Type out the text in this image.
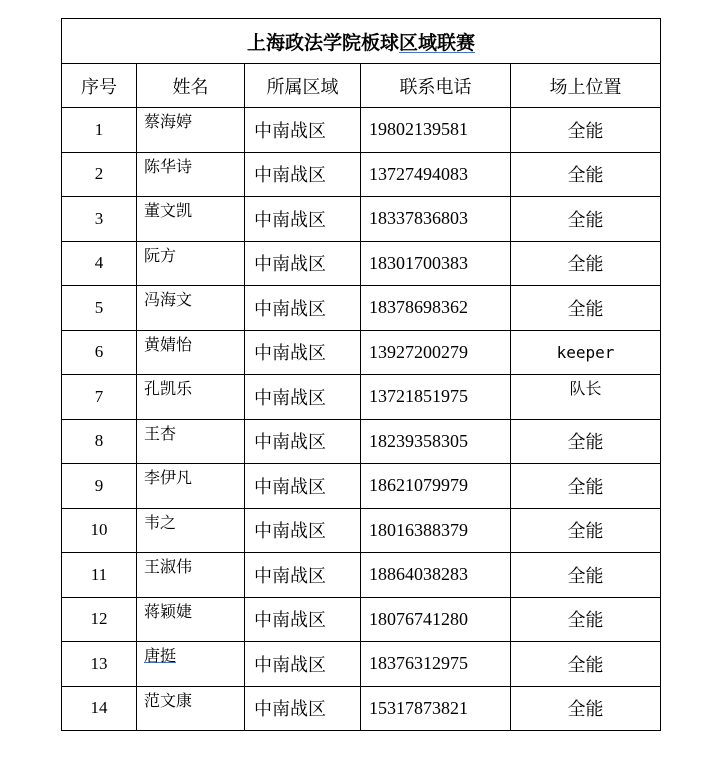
上海政法学院板球区域联赛				
序号	姓名	所属区域	联系电话	场上位置
1	蔡海婷	中南战区	19802139581	全能
2	陈华诗	中南战区	13727494083	全能
3	董文凯	中南战区	18337836803	全能
4	阮方	中南战区	18301700383	全能
5	冯海文	中南战区	18378698362	全能
6	黄婧怡	中南战区	13927200279	keeper
7	孔凯乐	中南战区	13721851975	队长
8	王杏	中南战区	18239358305	全能
9	李伊凡	中南战区	18621079979	全能
10	韦之	中南战区	18016388379	全能
11	王淑伟	中南战区	18864038283	全能
12	蒋颖婕	中南战区	18076741280	全能
13	唐挺	中南战区	18376312975	全能
14	范文康	中南战区	15317873821	全能
